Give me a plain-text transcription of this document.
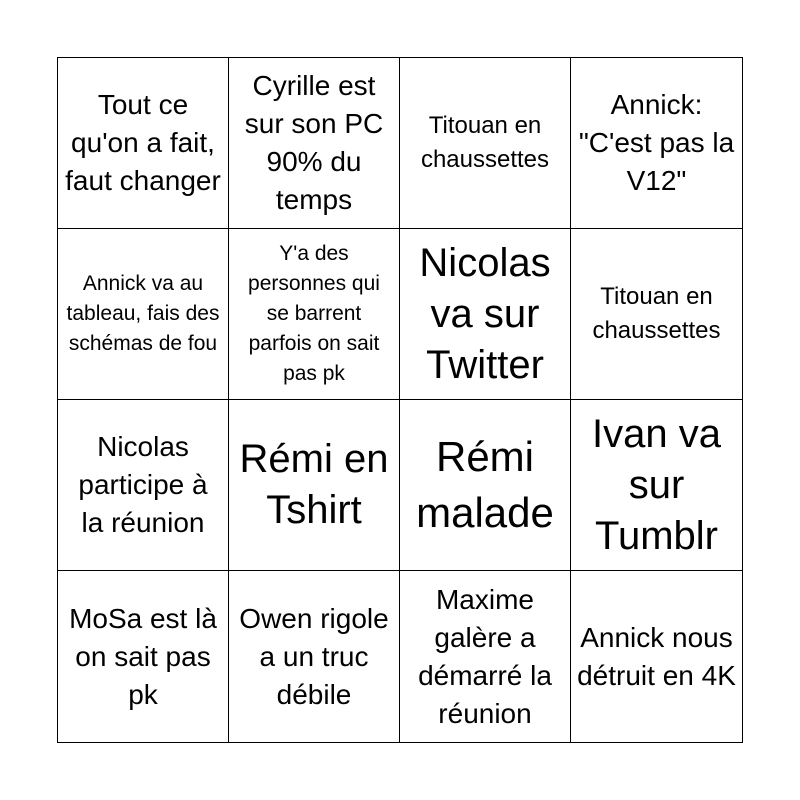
Tout ce qu'on a fait, faut changer
Cyrille est sur son PC 90% du temps
Titouan en chaussettes
Annick: "C'est pas la V12"
Annick va au tableau, fais des schémas de fou
Y'a des personnes qui se barrent parfois on sait pas pk
Nicolas va sur Twitter
Titouan en chaussettes
Nicolas participe à la réunion
Rémi en Tshirt
Rémi malade
Ivan va sur Tumblr
MoSa est là on sait pas pk
Owen rigole a un truc débile
Maxime galère a démarré la réunion
Annick nous détruit en 4K
